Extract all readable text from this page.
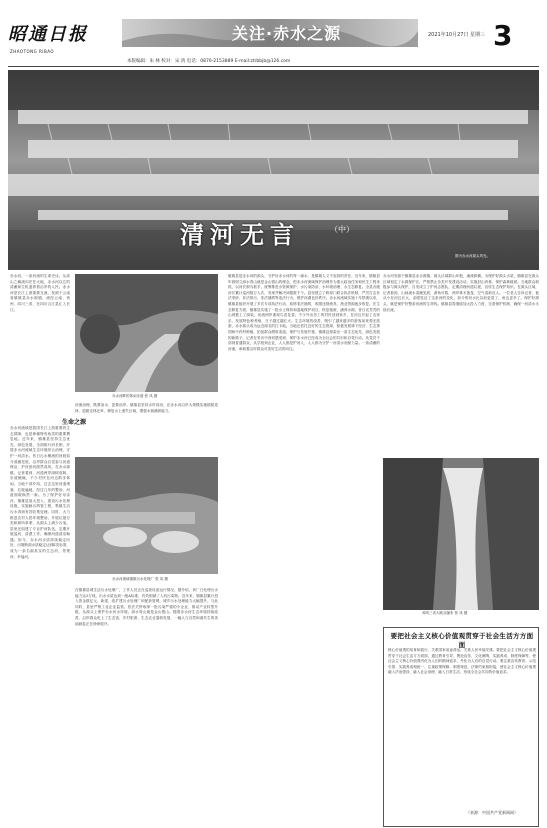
昭通日报
ZHAOTONG RIBAO
关注·赤水之源	2021年10月27日 星期三 3
本版编辑：朱 林 校对：宋 鸿 电话：0870-2153889 E-mail:ztrbbjb@126.com
清河无言	（中）
图为赤水河源头风光。
赤水河，一条河流的生命史诗。从高山之巅流向茫茫大地，赤水河以它的清澈和生机滋养着沿岸的人民。赤水河是长江上游重要支流，发源于云南省镇雄县赤水源镇，流经云南、贵州、四川三省，在四川合江县汇入长江。
生命之源
赤水河流域是我国长江上游重要的生态屏障，也是珍稀特有鱼类的重要栖息地。近年来，镇雄县坚持生态优先、绿色发展，全面推行河长制，开展赤水河流域生态环境综合治理，守护一河清水。昔日污水横流的河段如今清澈见底，沿岸群众自觉参与河道保洁，护河爱河蔚然成风。在赤水源镇，记者看到，河道两岸绿树成荫，步道蜿蜒，不少村民在河边散步休闲。当地干部介绍，过去这里河道堵塞、垃圾遍地，经过几年的整治，河道面貌焕然一新。为了保护好母亲河，镇雄县加大投入，建设污水处理设施，实施截污纳管工程，集镇生活污水得到有效收集处理。同时，大力推进农村人居环境整治，开展垃圾分类和厕所革命，从源头上减少污染。县里还组建了专业护河队伍，定期开展巡河、清漂工作，确保河道清洁畅通。如今，赤水河水质持续稳定向好，出境断面水质稳定达到Ⅱ类标准，成为一条名副其实的生态河、景观河、幸福河。
赤水河畔的休闲步道 张 凤 摄
河流治理，既要治水，更要治岸。镇雄县坚持水岸同治，在赤水河沿岸大规模实施植树造林、退耕还林还草，修复水土流失区域，增强水源涵养能力。
赤水河流域镇雄污水处理厂 张 凤 摄
在镇雄县城生活污水处理厂，工作人员正在巡查设备运行情况。据介绍，该厂日处理污水能力达3万吨，出水水质达到一级A标准，有效削减了入河污染物。近年来，镇雄县累计投入资金数亿元，新建、改扩建污水处理厂和配套管网，城乡污水处理能力大幅提升。与此同时，县里严格工业企业监管，依法关停取缔一批污染严重的小企业，推动产业转型升级，从源头上保护赤水河水环境。绿水青山就是金山银山。随着赤水河生态环境持续改善，沿岸群众吃上了生态饭，乡村旅游、生态农业蓬勃发展，一幅人与自然和谐共生的美丽画卷正在徐徐展开。
镇雄县是赤水河的源头，守护好赤水河的每一滴水，是镇雄人义不容辞的责任。近年来，镇雄县牢固树立绿水青山就是金山银山的理念，把赤水河流域保护治理作为重大政治任务和民生工程来抓，以河长制为抓手，统筹推进水资源保护、水污染防治、水环境治理、水生态修复。全县各级河长累计巡河数万人次，发现并解决问题数千个。县里建立了跨部门联合执法机制，严厉打击非法采砂、非法排污、非法捕捞等违法行为，维护河湖良好秩序。赤水河流域实施十年禁渔以来，镇雄县组织开展了多次专项执法行动，取缔非法捕捞，收缴违规渔具，渔业资源逐步恢复。在生态修复方面，镇雄县实施了一批水土保持和湿地保护项目，恢复植被，涵养水源。昔日光秃秃的山坡披上了绿装，河流两岸重现鸟语花香。不少外出务工的村民回到家乡，在河边开起了农家乐，发展特色种养殖，日子越过越红火。生态环境的改善，吸引了越来越多的游客前来观光旅游，赤水源头成为远近闻名的打卡地。当地还依托良好的生态资源，积极发展林下经济、生态茶园和中药材种植，拓宽群众增收渠道。保护与发展并重，镇雄县探索出一条生态优先、绿色发展的新路子。记者在采访中深切感受到，保护赤水河已经成为全社会的共识和自觉行动。从党员干部到普通群众，从学校到企业，人人都是护河人，人人都为守护一河清水贡献力量。一条清澈的河流，承载着沿岸群众对美好生活的向往。
赤水河发源于镇雄县赤水源镇，源头区域群山环抱，溪流纵横。为保护好源头水质，镇雄县在源头区域划定了水源保护区，严格禁止各类开发建设活动，实施封山育林，保护森林植被。当地群众积极参与源头保护，自发成立了护河志愿队，定期清理河道垃圾，宣传生态保护知识。在源头区域，记者看到，山间溪水清澈见底，游鱼可数，两岸林木葱茏，空气清新宜人。一位老人告诉记者，他从小在河边长大，亲眼见证了这条河的变化，如今的河水比以前更清了，鱼也更多了。保护好源头，就是保护好整条河流的生命线。镇雄县将继续加大投入力度，完善保护机制，确保一河清水永续长流。
鸡鸣三省大峡谷瀑布 张 凤 摄
要把社会主义核心价值观贯穿于社会生活方方面面
核心价值观的培育和践行，关系国家前途命运，关系人民幸福安康。要把社会主义核心价值观贯穿于社会生活方方面面，通过教育引导、舆论宣传、文化熏陶、实践养成、制度保障等，使社会主义核心价值观内化为人们的精神追求，外化为人们的自觉行动。要注重宣传教育、示范引领、实践养成相统一，注重政策保障、制度规范、法律约束相衔接，使社会主义核心价值观融入法治建设、融入社会治理、融入日常生活，形成全社会共同的价值追求。
（来源：中国共产党新闻网）
